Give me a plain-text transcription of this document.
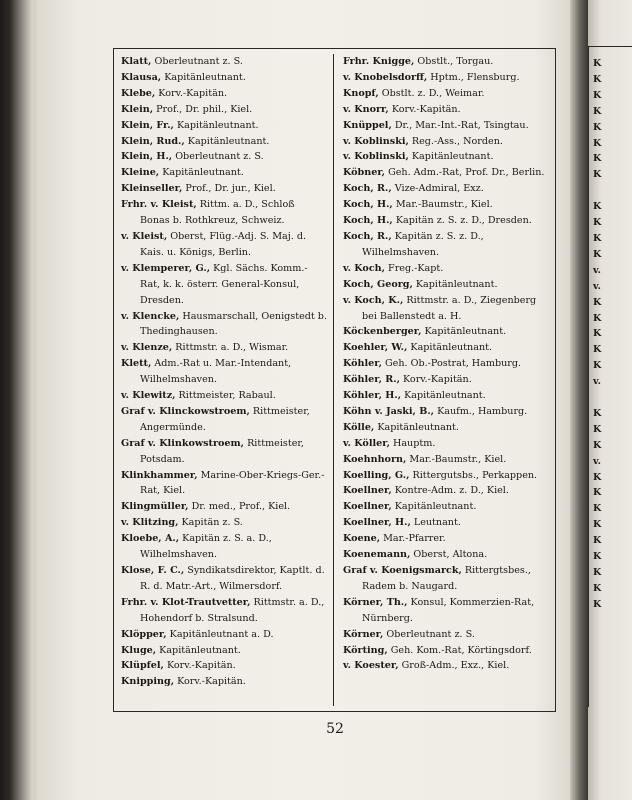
Klatt, Oberleutnant z. S.

Klausa, Kapitänleutnant.

Klebe, Korv.-Kapitän.

Klein, Prof., Dr. phil., Kiel.

Klein, Fr., Kapitänleutnant.

Klein, Rud., Kapitänleutnant.

Klein, H., Oberleutnant z. S.

Kleine, Kapitänleutnant.

Kleinseller, Prof., Dr. jur., Kiel.

Frhr. v. Kleist, Rittm. a. D., Schloß Bonas b. Rothkreuz, Schweiz.

v. Kleist, Oberst, Flüg.-Adj. S. Maj. d. Kais. u. Königs, Berlin.

v. Klemperer, G., Kgl. Sächs. Komm.-Rat, k. k. österr. General-Konsul, Dresden.

v. Klencke, Hausmarschall, Oenigstedt b. Thedinghausen.

v. Klenze, Rittmstr. a. D., Wismar.

Klett, Adm.-Rat u. Mar.-Intendant, Wilhelmshaven.

v. Klewitz, Rittmeister, Rabaul.

Graf v. Klinckowstroem, Rittmeister, Angermünde.

Graf v. Klinkowstroem, Rittmeister, Potsdam.

Klinkhammer, Marine-Ober-Kriegs-Ger.-Rat, Kiel.

Klingmüller, Dr. med., Prof., Kiel.

v. Klitzing, Kapitän z. S.

Kloebe, A., Kapitän z. S. a. D., Wilhelmshaven.

Klose, F. C., Syndikatsdirektor, Kaptlt. d. R. d. Matr.-Art., Wilmersdorf.

Frhr. v. Klot-Trautvetter, Rittmstr. a. D., Hohendorf b. Stralsund.

Klöpper, Kapitänleutnant a. D.

Kluge, Kapitänleutnant.

Klüpfel, Korv.-Kapitän.

Knipping, Korv.-Kapitän.

Frhr. Knigge, Obstlt., Torgau.

v. Knobelsdorff, Hptm., Flensburg.

Knopf, Obstlt. z. D., Weimar.

v. Knorr, Korv.-Kapitän.

Knüppel, Dr., Mar.-Int.-Rat, Tsingtau.

v. Koblinski, Reg.-Ass., Norden.

v. Koblinski, Kapitänleutnant.

Köbner, Geh. Adm.-Rat, Prof. Dr., Berlin.

Koch, R., Vize-Admiral, Exz.

Koch, H., Mar.-Baumstr., Kiel.

Koch, H., Kapitän z. S. z. D., Dresden.

Koch, R., Kapitän z. S. z. D., Wilhelmshaven.

v. Koch, Freg.-Kapt.

Koch, Georg, Kapitänleutnant.

v. Koch, K., Rittmstr. a. D., Ziegenberg bei Ballenstedt a. H.

Köckenberger, Kapitänleutnant.

Koehler, W., Kapitänleutnant.

Köhler, Geh. Ob.-Postrat, Hamburg.

Köhler, R., Korv.-Kapitän.

Köhler, H., Kapitänleutnant.

Köhn v. Jaski, B., Kaufm., Hamburg.

Kölle, Kapitänleutnant.

v. Köller, Hauptm.

Koehnhorn, Mar.-Baumstr., Kiel.

Koelling, G., Rittergutsbs., Perkappen.

Koellner, Kontre-Adm. z. D., Kiel.

Koellner, Kapitänleutnant.

Koellner, H., Leutnant.

Koene, Mar.-Pfarrer.

Koenemann, Oberst, Altona.

Graf v. Koenigsmarck, Rittergtsbes., Radem b. Naugard.

Körner, Th., Konsul, Kommerzien-Rat, Nürnberg.

Körner, Oberleutnant z. S.

Körting, Geh. Kom.-Rat, Körtingsdorf.

v. Koester, Groß-Adm., Exz., Kiel.

K
K
K
K
K
K
K
K

K
K
K
K
v.
v.
K
K
K
K
K
v.

K
K
K
v.
K
K
K
K
K
K
K
K
K
52
